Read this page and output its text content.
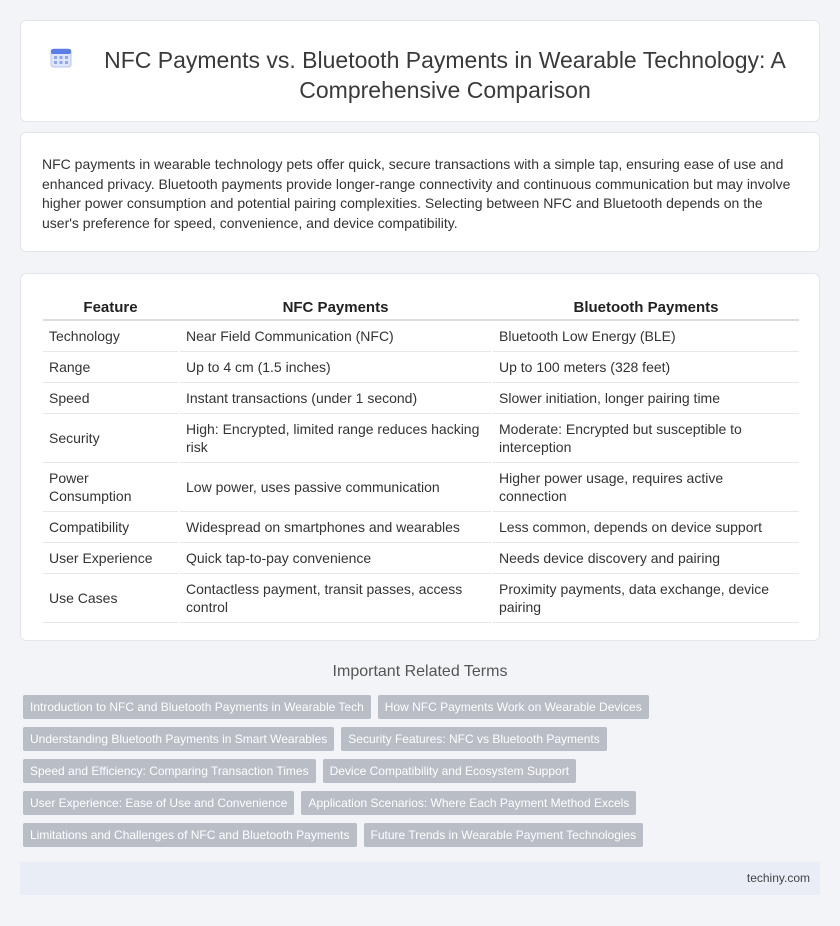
NFC Payments vs. Bluetooth Payments in Wearable Technology: A Comprehensive Comparison

NFC payments in wearable technology pets offer quick, secure transactions with a simple tap, ensuring ease of use and enhanced privacy. Bluetooth payments provide longer-range connectivity and continuous communication but may involve higher power consumption and potential pairing complexities. Selecting between NFC and Bluetooth depends on the user's preference for speed, convenience, and device compatibility.

Feature	NFC Payments	Bluetooth Payments
Technology	Near Field Communication (NFC)	Bluetooth Low Energy (BLE)
Range	Up to 4 cm (1.5 inches)	Up to 100 meters (328 feet)
Speed	Instant transactions (under 1 second)	Slower initiation, longer pairing time
Security	High: Encrypted, limited range reduces hacking risk	Moderate: Encrypted but susceptible to interception
Power Consumption	Low power, uses passive communication	Higher power usage, requires active connection
Compatibility	Widespread on smartphones and wearables	Less common, depends on device support
User Experience	Quick tap-to-pay convenience	Needs device discovery and pairing
Use Cases	Contactless payment, transit passes, access control	Proximity payments, data exchange, device pairing
Important Related Terms
Introduction to NFC and Bluetooth Payments in Wearable Tech	How NFC Payments Work on Wearable Devices
Understanding Bluetooth Payments in Smart Wearables	Security Features: NFC vs Bluetooth Payments
Speed and Efficiency: Comparing Transaction Times	Device Compatibility and Ecosystem Support
User Experience: Ease of Use and Convenience	Application Scenarios: Where Each Payment Method Excels
Limitations and Challenges of NFC and Bluetooth Payments	Future Trends in Wearable Payment Technologies
techiny.com
